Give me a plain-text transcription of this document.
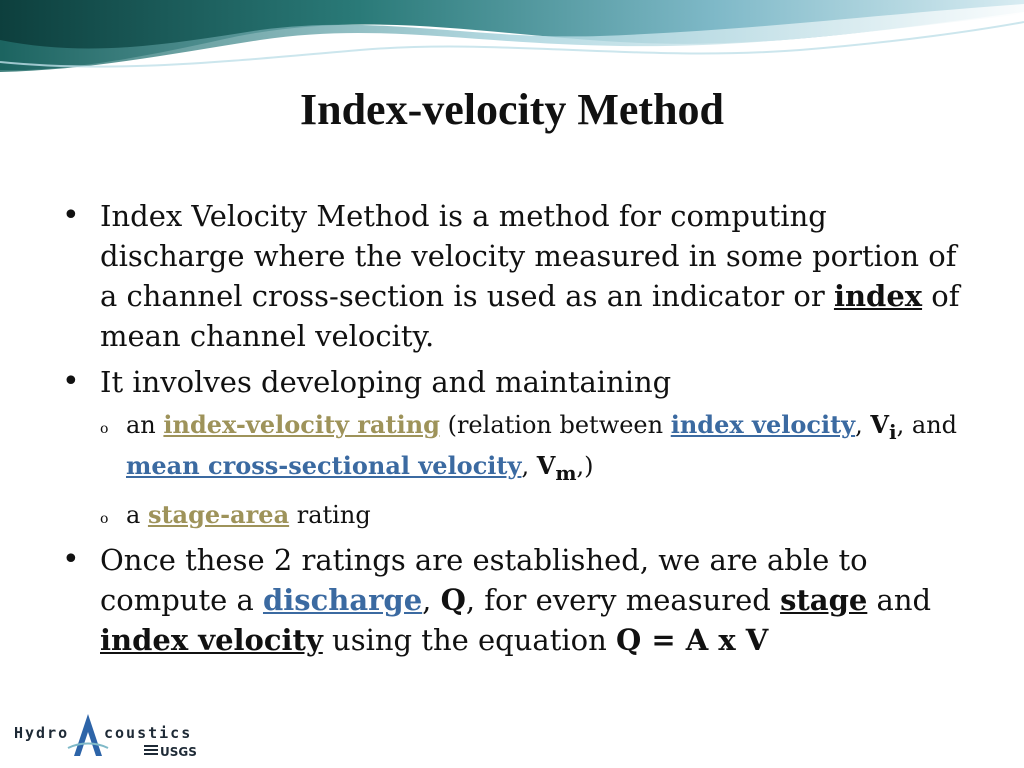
Index-velocity Method
• Index Velocity Method is a method for computing discharge where the velocity measured in some portion of a channel cross-section is used as an indicator or index of mean channel velocity.
• It involves developing and maintaining
o an index-velocity rating (relation between index velocity, $V_i$, and mean cross-sectional velocity, $V_m$,)
o a stage-area rating
• Once these 2 ratings are established, we are able to compute a discharge, Q, for every measured stage and index velocity using the equation Q = A x V
Hydro coustics
USGS
